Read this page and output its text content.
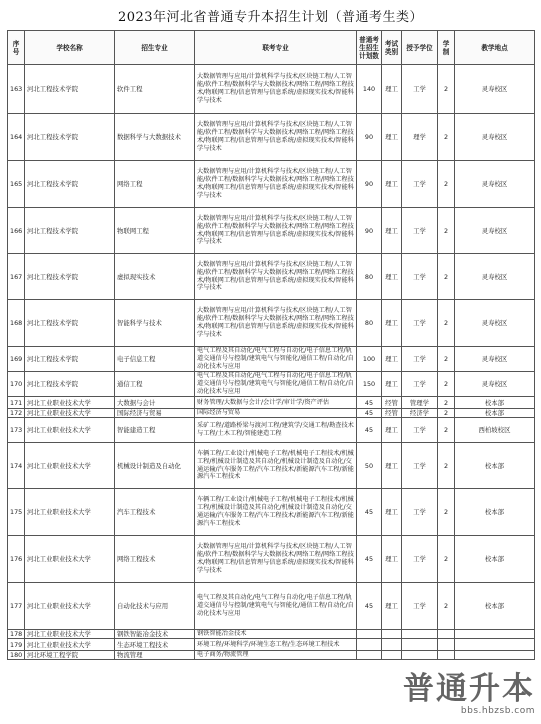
2023年河北省普通专升本招生计划（普通考生类）
序号	学校名称	招生专业	联考专业	普通考生招生计划数	考试类别	授予学位	学制	教学地点
163	河北工程技术学院	软件工程	大数据管理与应用/计算机科学与技术/区块链工程/人工智能/软件工程/数据科学与大数据技术/网络工程/网络工程技术/物联网工程/信息管理与信息系统/虚拟现实技术/智能科学与技术	140	理工	工学	2	灵寿校区
164	河北工程技术学院	数据科学与大数据技术	大数据管理与应用/计算机科学与技术/区块链工程/人工智能/软件工程/数据科学与大数据技术/网络工程/网络工程技术/物联网工程/信息管理与信息系统/虚拟现实技术/智能科学与技术	90	理工	理学	2	灵寿校区
165	河北工程技术学院	网络工程	大数据管理与应用/计算机科学与技术/区块链工程/人工智能/软件工程/数据科学与大数据技术/网络工程/网络工程技术/物联网工程/信息管理与信息系统/虚拟现实技术/智能科学与技术	90	理工	工学	2	灵寿校区
166	河北工程技术学院	物联网工程	大数据管理与应用/计算机科学与技术/区块链工程/人工智能/软件工程/数据科学与大数据技术/网络工程/网络工程技术/物联网工程/信息管理与信息系统/虚拟现实技术/智能科学与技术	90	理工	工学	2	灵寿校区
167	河北工程技术学院	虚拟现实技术	大数据管理与应用/计算机科学与技术/区块链工程/人工智能/软件工程/数据科学与大数据技术/网络工程/网络工程技术/物联网工程/信息管理与信息系统/虚拟现实技术/智能科学与技术	80	理工	工学	2	灵寿校区
168	河北工程技术学院	智能科学与技术	大数据管理与应用/计算机科学与技术/区块链工程/人工智能/软件工程/数据科学与大数据技术/网络工程/网络工程技术/物联网工程/信息管理与信息系统/虚拟现实技术/智能科学与技术	80	理工	工学	2	灵寿校区
169	河北工程技术学院	电子信息工程	电气工程及其自动化/电气工程与自动化/电子信息工程/轨道交通信号与控制/建筑电气与智能化/通信工程/自动化/自动化技术与应用	100	理工	工学	2	灵寿校区
170	河北工程技术学院	通信工程	电气工程及其自动化/电气工程与自动化/电子信息工程/轨道交通信号与控制/建筑电气与智能化/通信工程/自动化/自动化技术与应用	150	理工	工学	2	灵寿校区
171	河北工业职业技术大学	大数据与会计	财务管理/大数据与会计/会计学/审计学/资产评估	45	经管	管理学	2	校本部
172	河北工业职业技术大学	国际经济与贸易	国际经济与贸易	45	经管	经济学	2	校本部
173	河北工业职业技术大学	智能建造工程	采矿工程/道路桥梁与渡河工程/建筑学/交通工程/勘查技术与工程/土木工程/智能建造工程	45	理工	工学	2	西柏坡校区
174	河北工业职业技术大学	机械设计制造及自动化	车辆工程/工业设计/机械电子工程/机械电子工程技术/机械工程/机械设计制造及其自动化/机械设计制造及自动化/交通运输/汽车服务工程/汽车工程技术/新能源汽车工程/新能源汽车工程技术	50	理工	工学	2	校本部
175	河北工业职业技术大学	汽车工程技术	车辆工程/工业设计/机械电子工程/机械电子工程技术/机械工程/机械设计制造及其自动化/机械设计制造及自动化/交通运输/汽车服务工程/汽车工程技术/新能源汽车工程/新能源汽车工程技术	45	理工	工学	2	校本部
176	河北工业职业技术大学	网络工程技术	大数据管理与应用/计算机科学与技术/区块链工程/人工智能/软件工程/数据科学与大数据技术/网络工程/网络工程技术/物联网工程/信息管理与信息系统/虚拟现实技术/智能科学与技术	45	理工	工学	2	校本部
177	河北工业职业技术大学	自动化技术与应用	电气工程及其自动化/电气工程与自动化/电子信息工程/轨道交通信号与控制/建筑电气与智能化/通信工程/自动化/自动化技术与应用	45	理工	工学	2	校本部
178	河北工业职业技术大学	钢铁智能冶金技术	钢铁智能冶金技术					
179	河北工业职业技术大学	生态环境工程技术	环境工程/环境科学/环境生态工程/生态环境工程技术					
180	河北环境工程学院	物流管理	电子商务/物流管理					
普通升本
bbs.hbzsb.com
